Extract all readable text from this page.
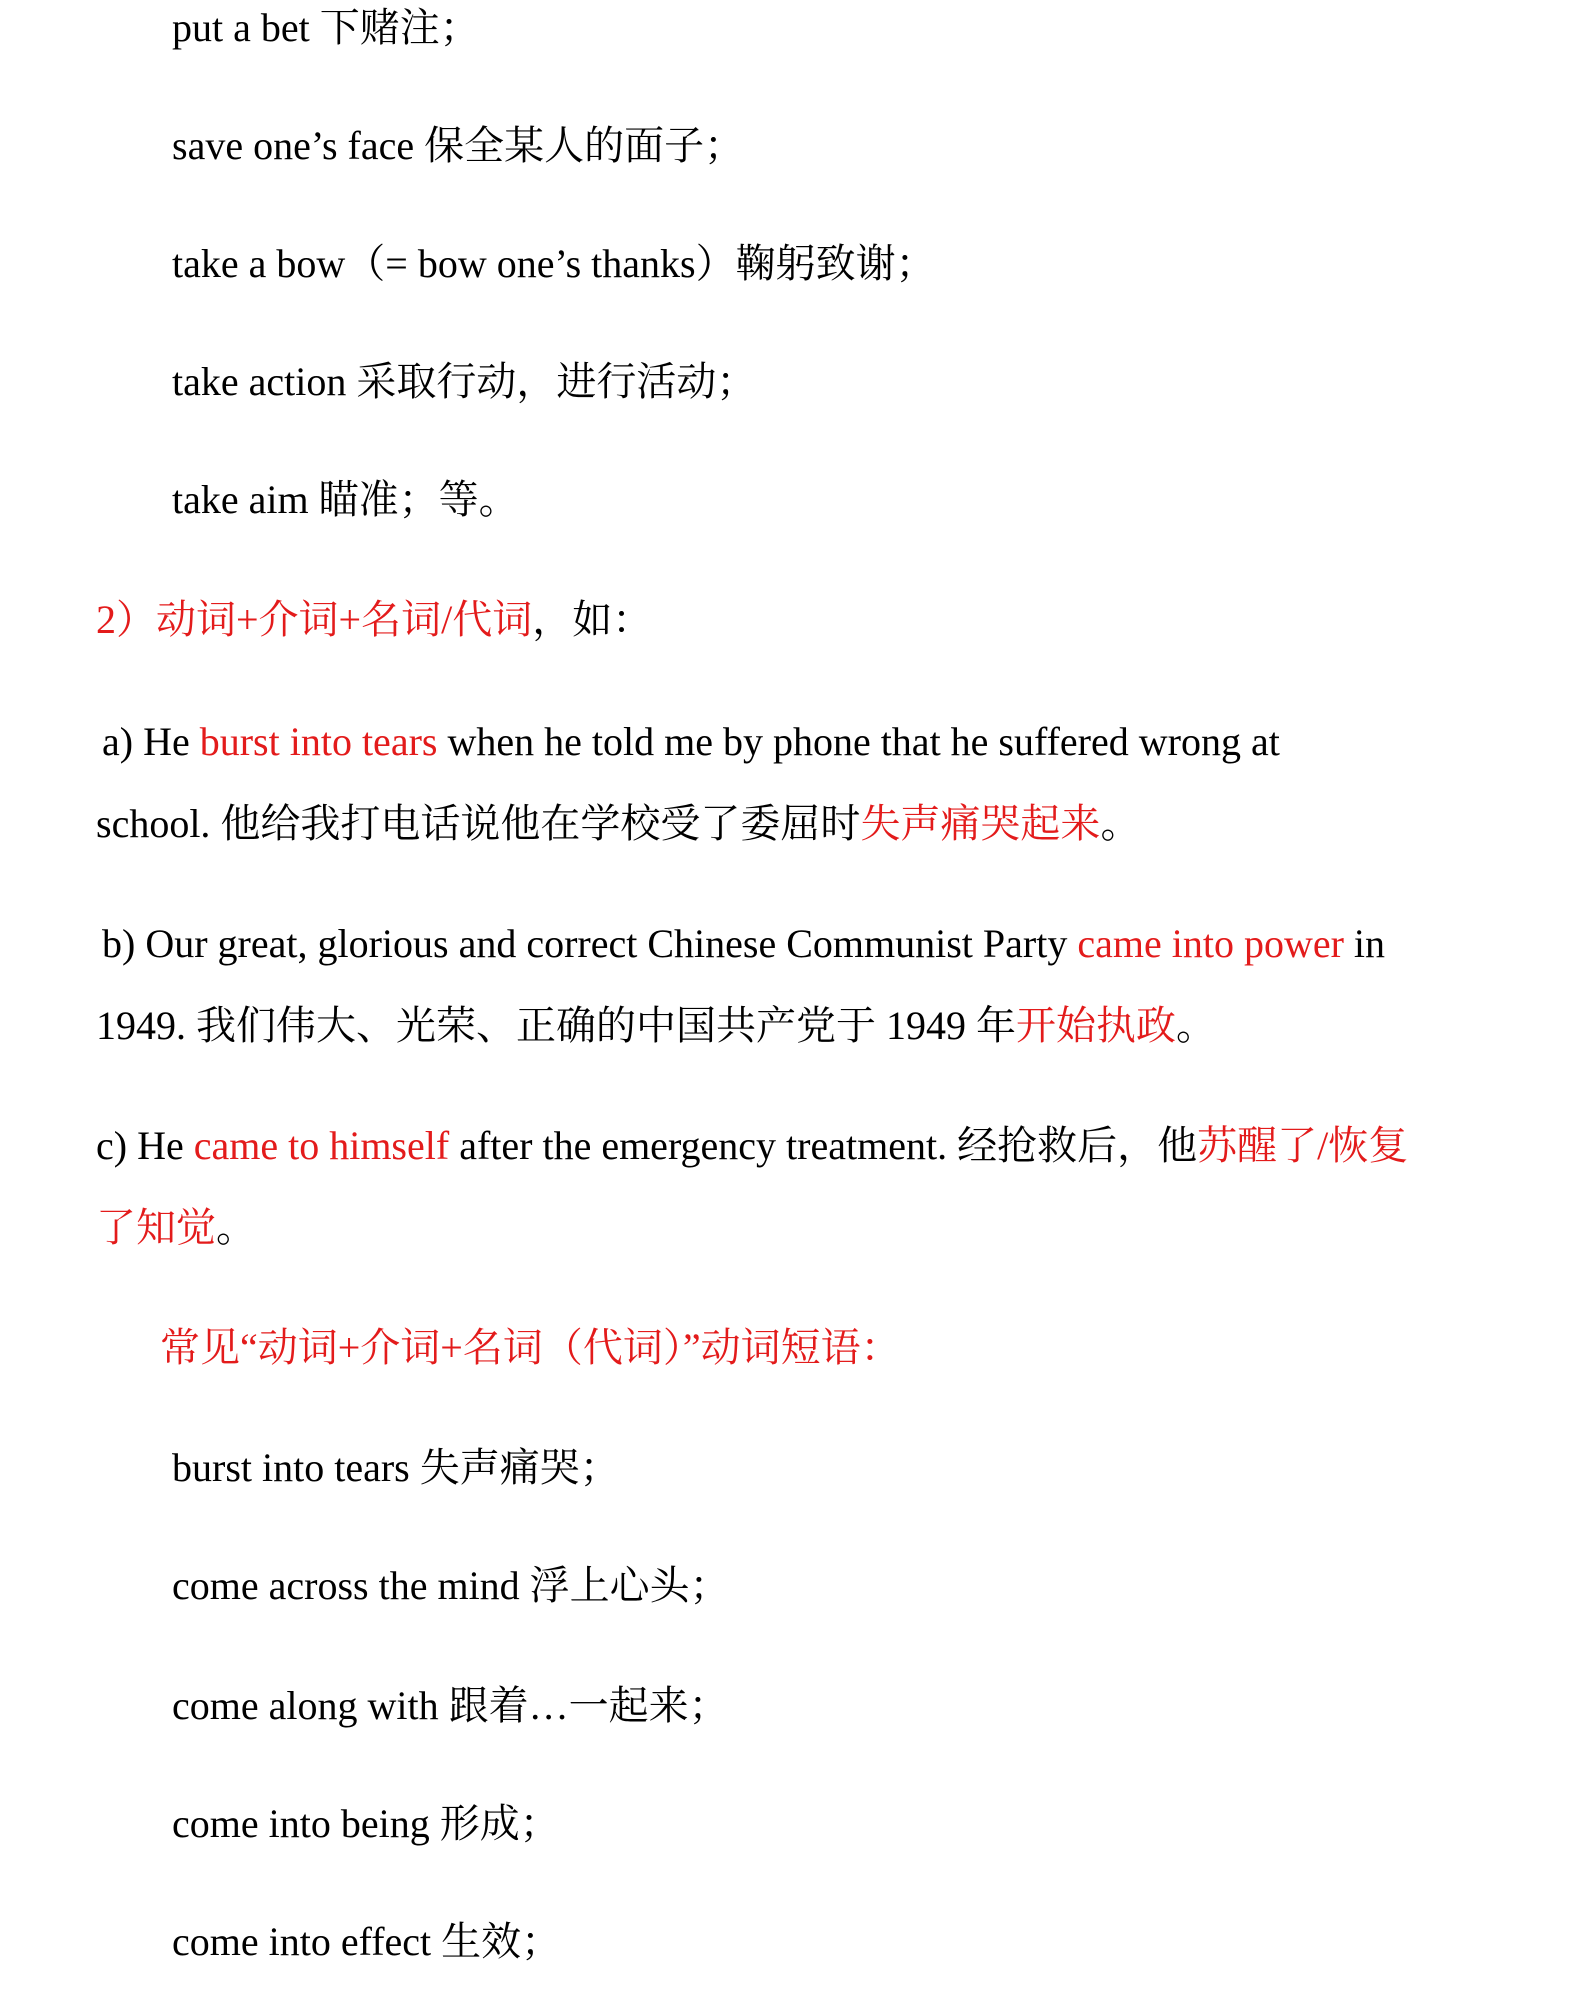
put a bet 下赌注；
save one’s face 保全某人的面子；
take a bow（= bow one’s thanks）鞠躬致谢；
take action 采取行动，进行活动；
take aim 瞄准；等。
2）动词+介词+名词/代词，如：
a) He burst into tears when he told me by phone that he suffered wrong at
school. 他给我打电话说他在学校受了委屈时失声痛哭起来。
b) Our great, glorious and correct Chinese Communist Party came into power in
1949. 我们伟大、光荣、正确的中国共产党于 1949 年开始执政。
c) He came to himself after the emergency treatment. 经抢救后，他苏醒了/恢复
了知觉。
常见“动词+介词+名词（代词）”动词短语：
burst into tears 失声痛哭；
come across the mind 浮上心头；
come along with 跟着…一起来；
come into being 形成；
come into effect 生效；
